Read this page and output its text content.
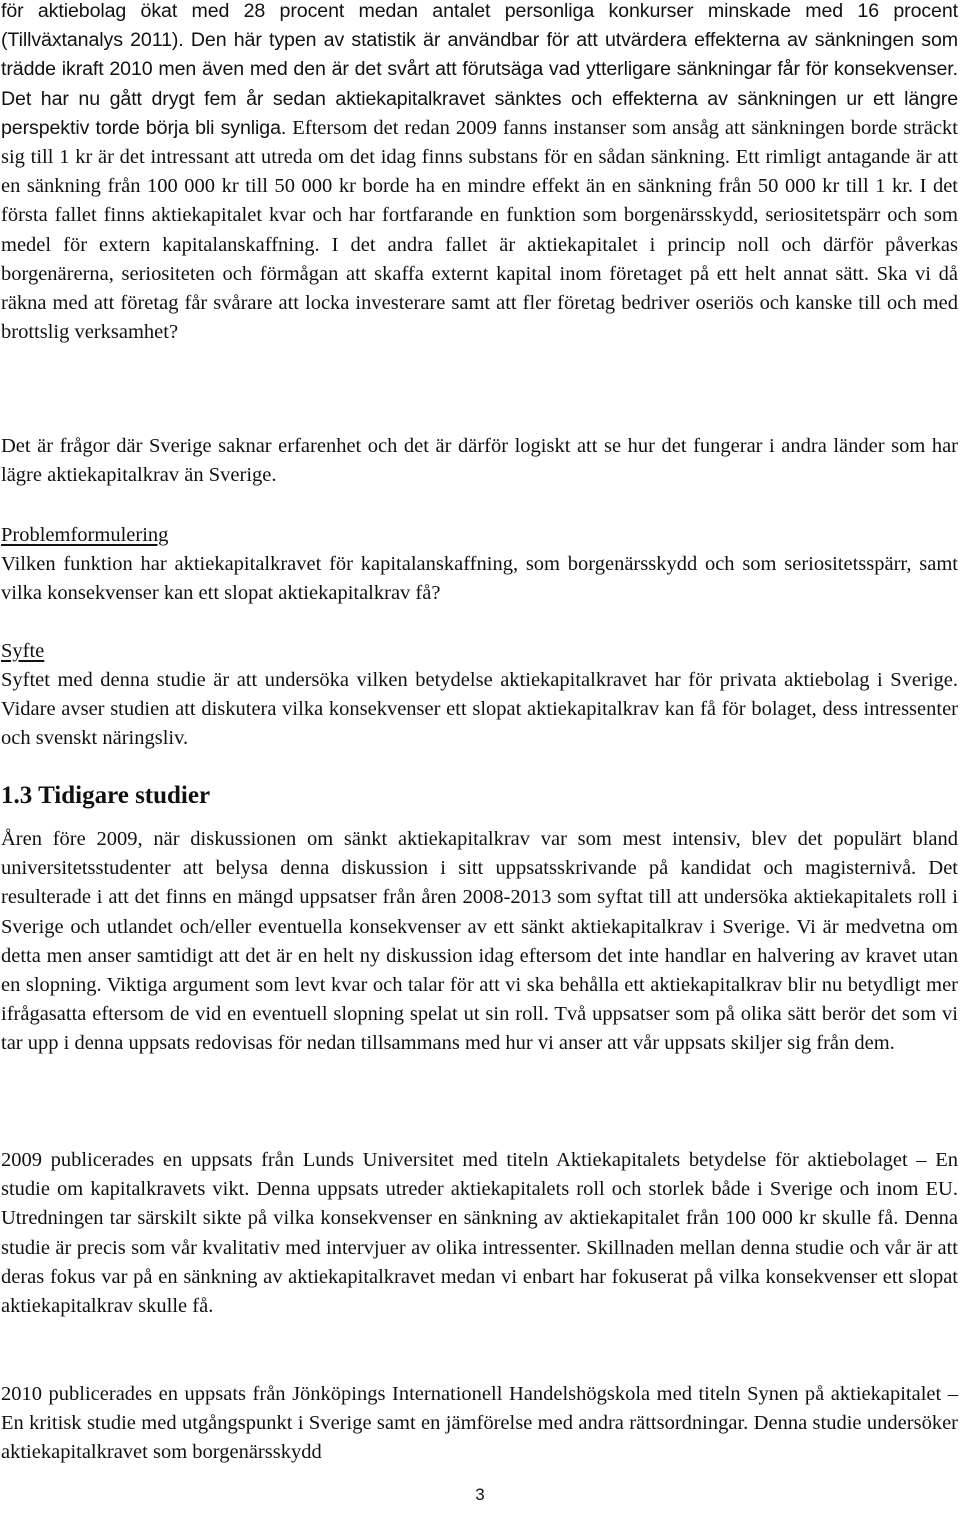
för aktiebolag ökat med 28 procent medan antalet personliga konkurser minskade med 16 procent (Tillväxtanalys 2011). Den här typen av statistik är användbar för att utvärdera effekterna av sänkningen som trädde ikraft 2010 men även med den är det svårt att förutsäga vad ytterligare sänkningar får för konsekvenser. Det har nu gått drygt fem år sedan aktiekapitalkravet sänktes och effekterna av sänkningen ur ett längre perspektiv torde börja bli synliga. Eftersom det redan 2009 fanns instanser som ansåg att sänkningen borde sträckt sig till 1 kr är det intressant att utreda om det idag finns substans för en sådan sänkning. Ett rimligt antagande är att en sänkning från 100 000 kr till 50 000 kr borde ha en mindre effekt än en sänkning från 50 000 kr till 1 kr. I det första fallet finns aktiekapitalet kvar och har fortfarande en funktion som borgenärsskydd, seriositetspärr och som medel för extern kapitalanskaffning. I det andra fallet är aktiekapitalet i princip noll och därför påverkas borgenärerna, seriositeten och förmågan att skaffa externt kapital inom företaget på ett helt annat sätt. Ska vi då räkna med att företag får svårare att locka investerare samt att fler företag bedriver oseriös och kanske till och med brottslig verksamhet?
Det är frågor där Sverige saknar erfarenhet och det är därför logiskt att se hur det fungerar i andra länder som har lägre aktiekapitalkrav än Sverige.
Problemformulering
Vilken funktion har aktiekapitalkravet för kapitalanskaffning, som borgenärsskydd och som seriositetsspärr, samt vilka konsekvenser kan ett slopat aktiekapitalkrav få?
Syfte
Syftet med denna studie är att undersöka vilken betydelse aktiekapitalkravet har för privata aktiebolag i Sverige. Vidare avser studien att diskutera vilka konsekvenser ett slopat aktiekapitalkrav kan få för bolaget, dess intressenter och svenskt näringsliv.
1.3 Tidigare studier
Åren före 2009, när diskussionen om sänkt aktiekapitalkrav var som mest intensiv, blev det populärt bland universitetsstudenter att belysa denna diskussion i sitt uppsatsskrivande på kandidat och magisternivå. Det resulterade i att det finns en mängd uppsatser från åren 2008-2013 som syftat till att undersöka aktiekapitalets roll i Sverige och utlandet och/eller eventuella konsekvenser av ett sänkt aktiekapitalkrav i Sverige. Vi är medvetna om detta men anser samtidigt att det är en helt ny diskussion idag eftersom det inte handlar en halvering av kravet utan en slopning. Viktiga argument som levt kvar och talar för att vi ska behålla ett aktiekapitalkrav blir nu betydligt mer ifrågasatta eftersom de vid en eventuell slopning spelat ut sin roll. Två uppsatser som på olika sätt berör det som vi tar upp i denna uppsats redovisas för nedan tillsammans med hur vi anser att vår uppsats skiljer sig från dem.
2009 publicerades en uppsats från Lunds Universitet med titeln Aktiekapitalets betydelse för aktiebolaget – En studie om kapitalkravets vikt. Denna uppsats utreder aktiekapitalets roll och storlek både i Sverige och inom EU. Utredningen tar särskilt sikte på vilka konsekvenser en sänkning av aktiekapitalet från 100 000 kr skulle få. Denna studie är precis som vår kvalitativ med intervjuer av olika intressenter. Skillnaden mellan denna studie och vår är att deras fokus var på en sänkning av aktiekapitalkravet medan vi enbart har fokuserat på vilka konsekvenser ett slopat aktiekapitalkrav skulle få.
2010 publicerades en uppsats från Jönköpings Internationell Handelshögskola med titeln Synen på aktiekapitalet – En kritisk studie med utgångspunkt i Sverige samt en jämförelse med andra rättsordningar. Denna studie undersöker aktiekapitalkravet som borgenärsskydd
3
